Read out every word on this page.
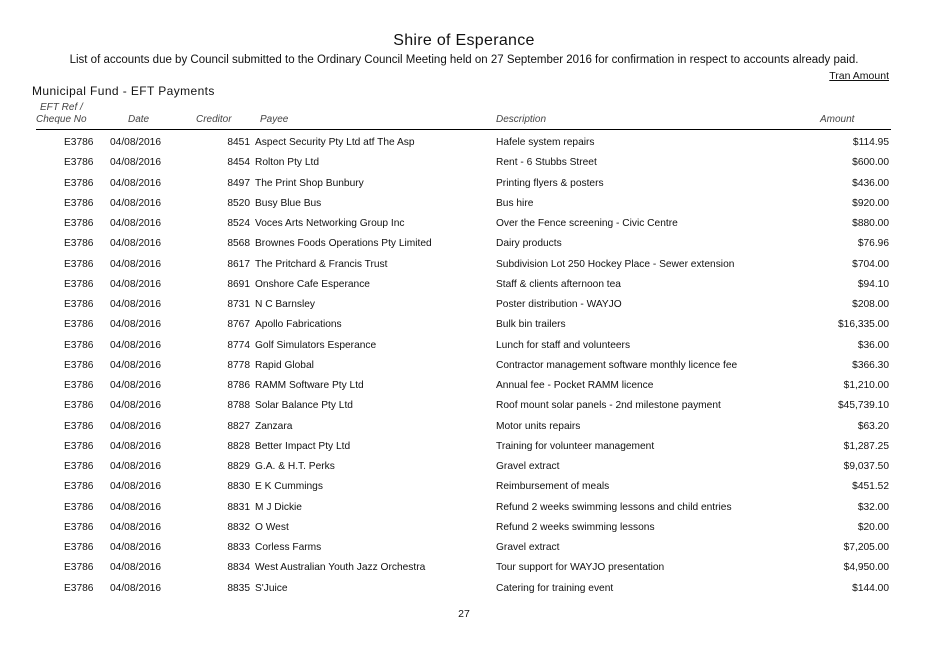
Shire of Esperance
List of accounts due by Council submitted to the Ordinary Council Meeting held on 27 September 2016 for confirmation in respect to accounts already paid.
Tran Amount
Municipal Fund - EFT Payments
EFT Ref /
Cheque No	Date	Creditor	Payee	Description	Amount
E3786 04/08/2016	8451 Aspect Security Pty Ltd atf The Asp	Hafele system repairs	$114.95
E3786 04/08/2016	8454 Rolton Pty Ltd	Rent - 6 Stubbs Street	$600.00
E3786 04/08/2016	8497 The Print Shop Bunbury	Printing flyers & posters	$436.00
E3786 04/08/2016	8520 Busy Blue Bus	Bus hire	$920.00
E3786 04/08/2016	8524 Voces Arts Networking Group Inc	Over the Fence screening - Civic Centre	$880.00
E3786 04/08/2016	8568 Brownes Foods Operations Pty Limited	Dairy products	$76.96
E3786 04/08/2016	8617 The Pritchard & Francis Trust	Subdivision Lot 250 Hockey Place - Sewer extension	$704.00
E3786 04/08/2016	8691 Onshore Cafe Esperance	Staff & clients afternoon tea	$94.10
E3786 04/08/2016	8731 N C Barnsley	Poster distribution - WAYJO	$208.00
E3786 04/08/2016	8767 Apollo Fabrications	Bulk bin trailers	$16,335.00
E3786 04/08/2016	8774 Golf Simulators Esperance	Lunch for staff and volunteers	$36.00
E3786 04/08/2016	8778 Rapid Global	Contractor management software monthly licence fee	$366.30
E3786 04/08/2016	8786 RAMM Software Pty Ltd	Annual fee - Pocket RAMM licence	$1,210.00
E3786 04/08/2016	8788 Solar Balance Pty Ltd	Roof mount solar panels - 2nd milestone payment	$45,739.10
E3786 04/08/2016	8827 Zanzara	Motor units repairs	$63.20
E3786 04/08/2016	8828 Better Impact Pty Ltd	Training for volunteer management	$1,287.25
E3786 04/08/2016	8829 G.A. & H.T. Perks	Gravel extract	$9,037.50
E3786 04/08/2016	8830 E K Cummings	Reimbursement of meals	$451.52
E3786 04/08/2016	8831 M J Dickie	Refund 2 weeks swimming lessons and child entries	$32.00
E3786 04/08/2016	8832 O West	Refund 2 weeks swimming lessons	$20.00
E3786 04/08/2016	8833 Corless Farms	Gravel extract	$7,205.00
E3786 04/08/2016	8834 West Australian Youth Jazz Orchestra	Tour support for WAYJO presentation	$4,950.00
E3786 04/08/2016	8835 S'Juice	Catering for training event	$144.00
27
